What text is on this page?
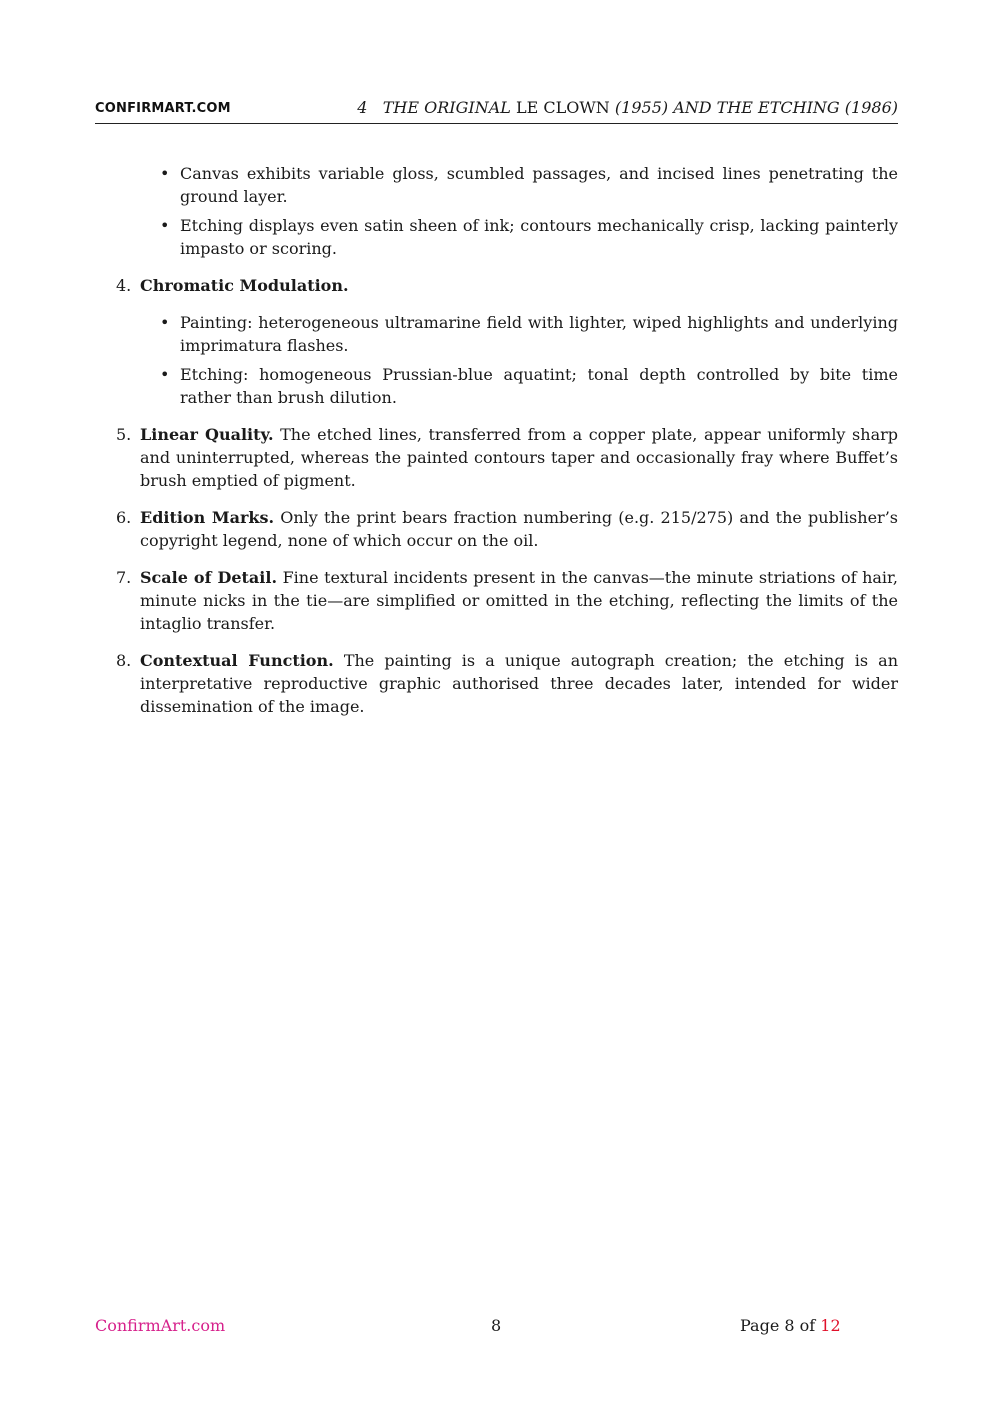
CONFIRMART.COM	4 THE ORIGINAL LE CLOWN (1955) AND THE ETCHING (1986)
• Canvas exhibits variable gloss, scumbled passages, and incised lines penetrating the ground layer.
• Etching displays even satin sheen of ink; contours mechanically crisp, lacking painterly impasto or scoring.
4. Chromatic Modulation.
• Painting: heterogeneous ultramarine field with lighter, wiped highlights and underlying imprimatura flashes.
• Etching: homogeneous Prussian-blue aquatint; tonal depth controlled by bite time rather than brush dilution.
5. Linear Quality. The etched lines, transferred from a copper plate, appear uniformly sharp and uninterrupted, whereas the painted contours taper and occasionally fray where Buffet’s brush emptied of pigment.
6. Edition Marks. Only the print bears fraction numbering (e.g. 215/275) and the publisher’s copyright legend, none of which occur on the oil.
7. Scale of Detail. Fine textural incidents present in the canvas—the minute striations of hair, minute nicks in the tie—are simplified or omitted in the etching, reflecting the limits of the intaglio transfer.
8. Contextual Function. The painting is a unique autograph creation; the etching is an interpretative reproductive graphic authorised three decades later, intended for wider dissemination of the image.
ConfirmArt.com	8	Page 8 of 12
